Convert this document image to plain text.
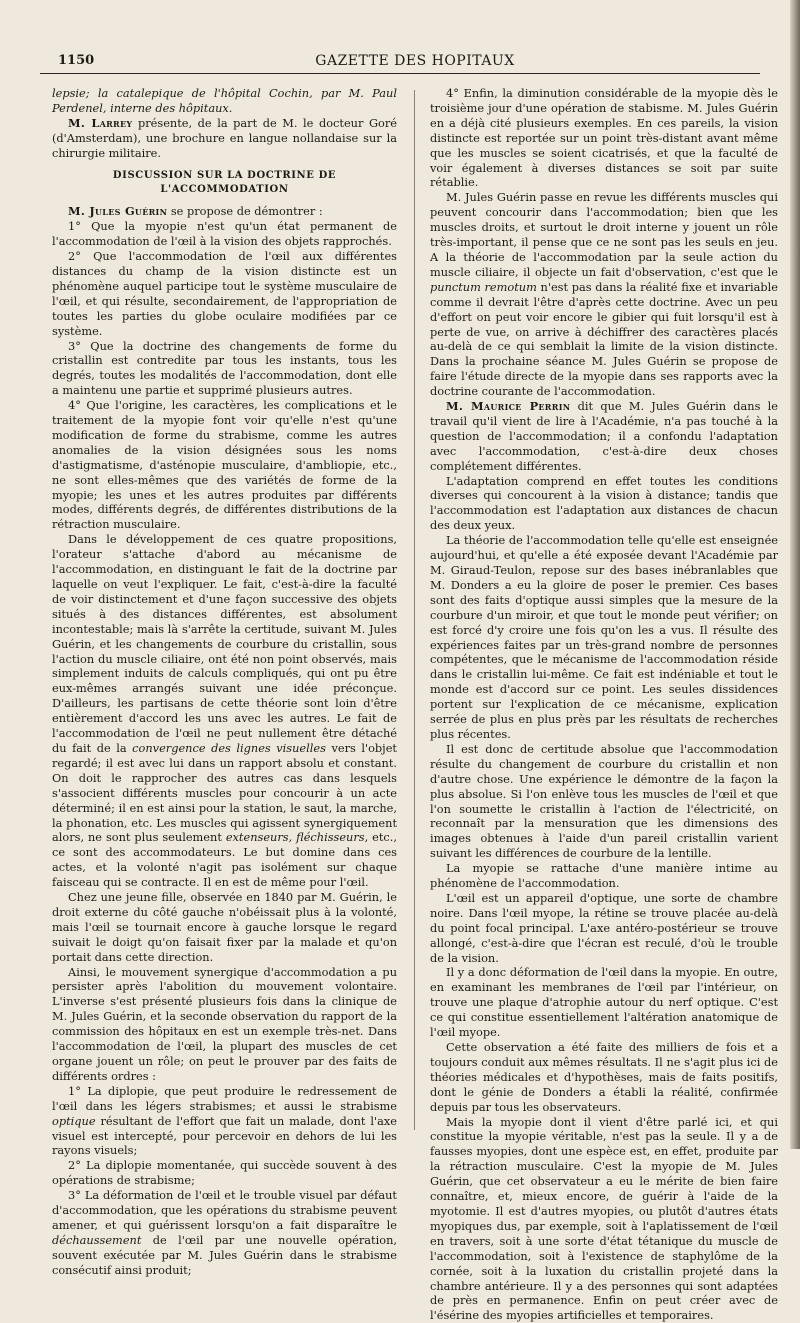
1150	GAZETTE DES HOPITAUX

lepsie; la catalepique de l'hôpital Cochin, par M. Paul Perdenel, interne des hôpitaux.

M. Larrey présente, de la part de M. le docteur Goré (d'Amsterdam), une brochure en langue nollandaise sur la chirurgie militaire.

DISCUSSION SUR LA DOCTRINE DE L'ACCOMMODATION

M. Jules Guérin se propose de démontrer :

1° Que la myopie n'est qu'un état permanent de l'accommodation de l'œil à la vision des objets rapprochés.

2° Que l'accommodation de l'œil aux différentes distances du champ de la vision distincte est un phénomène auquel participe tout le système musculaire de l'œil, et qui résulte, secondairement, de l'appropriation de toutes les parties du globe oculaire modifiées par ce système.

3° Que la doctrine des changements de forme du cristallin est contredite par tous les instants, tous les degrés, toutes les modalités de l'accommodation, dont elle a maintenu une partie et supprimé plusieurs autres.

4° Que l'origine, les caractères, les complications et le traitement de la myopie font voir qu'elle n'est qu'une modification de forme du strabisme, comme les autres anomalies de la vision désignées sous les noms d'astigmatisme, d'asténopie musculaire, d'ambliopie, etc., ne sont elles-mêmes que des variétés de forme de la myopie; les unes et les autres produites par différents modes, différents degrés, de différentes distributions de la rétraction musculaire.

Dans le développement de ces quatre propositions, l'orateur s'attache d'abord au mécanisme de l'accommodation, en distinguant le fait de la doctrine par laquelle on veut l'expliquer. Le fait, c'est-à-dire la faculté de voir distinctement et d'une façon successive des objets situés à des distances différentes, est absolument incontestable; mais là s'arrête la certitude, suivant M. Jules Guérin, et les changements de courbure du cristallin, sous l'action du muscle ciliaire, ont été non point observés, mais simplement induits de calculs compliqués, qui ont pu être eux-mêmes arrangés suivant une idée préconçue. D'ailleurs, les partisans de cette théorie sont loin d'être entièrement d'accord les uns avec les autres. Le fait de l'accommodation de l'œil ne peut nullement être détaché du fait de la convergence des lignes visuelles vers l'objet regardé; il est avec lui dans un rapport absolu et constant. On doit le rapprocher des autres cas dans lesquels s'associent différents muscles pour concourir à un acte déterminé; il en est ainsi pour la station, le saut, la marche, la phonation, etc. Les muscles qui agissent synergiquement alors, ne sont plus seulement extenseurs, fléchisseurs, etc., ce sont des accommodateurs. Le but domine dans ces actes, et la volonté n'agit pas isolément sur chaque faisceau qui se contracte. Il en est de même pour l'œil.

Chez une jeune fille, observée en 1840 par M. Guérin, le droit externe du côté gauche n'obéissait plus à la volonté, mais l'œil se tournait encore à gauche lorsque le regard suivait le doigt qu'on faisait fixer par la malade et qu'on portait dans cette direction.

Ainsi, le mouvement synergique d'accommodation a pu persister après l'abolition du mouvement volontaire. L'inverse s'est présenté plusieurs fois dans la clinique de M. Jules Guérin, et la seconde observation du rapport de la commission des hôpitaux en est un exemple très-net. Dans l'accommodation de l'œil, la plupart des muscles de cet organe jouent un rôle; on peut le prouver par des faits de différents ordres :

1° La diplopie, que peut produire le redressement de l'œil dans les légers strabismes; et aussi le strabisme optique résultant de l'effort que fait un malade, dont l'axe visuel est intercepté, pour percevoir en dehors de lui les rayons visuels;

2° La diplopie momentanée, qui succède souvent à des opérations de strabisme;

3° La déformation de l'œil et le trouble visuel par défaut d'accommodation, que les opérations du strabisme peuvent amener, et qui guérissent lorsqu'on a fait disparaître le déchaussement de l'œil par une nouvelle opération, souvent exécutée par M. Jules Guérin dans le strabisme consécutif ainsi produit;

4° Enfin, la diminution considérable de la myopie dès le troisième jour d'une opération de stabisme. M. Jules Guérin en a déjà cité plusieurs exemples. En ces pareils, la vision distincte est reportée sur un point très-distant avant même que les muscles se soient cicatrisés, et que la faculté de voir également à diverses distances se soit par suite rétablie.

M. Jules Guérin passe en revue les différents muscles qui peuvent concourir dans l'accommodation; bien que les muscles droits, et surtout le droit interne y jouent un rôle très-important, il pense que ce ne sont pas les seuls en jeu. A la théorie de l'accommodation par la seule action du muscle ciliaire, il objecte un fait d'observation, c'est que le punctum remotum n'est pas dans la réalité fixe et invariable comme il devrait l'être d'après cette doctrine. Avec un peu d'effort on peut voir encore le gibier qui fuit lorsqu'il est à perte de vue, on arrive à déchiffrer des caractères placés au-delà de ce qui semblait la limite de la vision distincte. Dans la prochaine séance M. Jules Guérin se propose de faire l'étude directe de la myopie dans ses rapports avec la doctrine courante de l'accommodation.

M. Maurice Perrin dit que M. Jules Guérin dans le travail qu'il vient de lire à l'Académie, n'a pas touché à la question de l'accommodation; il a confondu l'adaptation avec l'accommodation, c'est-à-dire deux choses complétement différentes.

L'adaptation comprend en effet toutes les conditions diverses qui concourent à la vision à distance; tandis que l'accommodation est l'adaptation aux distances de chacun des deux yeux.

La théorie de l'accommodation telle qu'elle est enseignée aujourd'hui, et qu'elle a été exposée devant l'Académie par M. Giraud-Teulon, repose sur des bases inébranlables que M. Donders a eu la gloire de poser le premier. Ces bases sont des faits d'optique aussi simples que la mesure de la courbure d'un miroir, et que tout le monde peut vérifier; on est forcé d'y croire une fois qu'on les a vus. Il résulte des expériences faites par un très-grand nombre de personnes compétentes, que le mécanisme de l'accommodation réside dans le cristallin lui-même. Ce fait est indéniable et tout le monde est d'accord sur ce point. Les seules dissidences portent sur l'explication de ce mécanisme, explication serrée de plus en plus près par les résultats de recherches plus récentes.

Il est donc de certitude absolue que l'accommodation résulte du changement de courbure du cristallin et non d'autre chose. Une expérience le démontre de la façon la plus absolue. Si l'on enlève tous les muscles de l'œil et que l'on soumette le cristallin à l'action de l'électricité, on reconnaît par la mensuration que les dimensions des images obtenues à l'aide d'un pareil cristallin varient suivant les différences de courbure de la lentille.

La myopie se rattache d'une manière intime au phénomène de l'accommodation.

L'œil est un appareil d'optique, une sorte de chambre noire. Dans l'œil myope, la rétine se trouve placée au-delà du point focal principal. L'axe antéro-postérieur se trouve allongé, c'est-à-dire que l'écran est reculé, d'où le trouble de la vision.

Il y a donc déformation de l'œil dans la myopie. En outre, en examinant les membranes de l'œil par l'intérieur, on trouve une plaque d'atrophie autour du nerf optique. C'est ce qui constitue essentiellement l'altération anatomique de l'œil myope.

Cette observation a été faite des milliers de fois et a toujours conduit aux mêmes résultats. Il ne s'agit plus ici de théories médicales et d'hypothèses, mais de faits positifs, dont le génie de Donders a établi la réalité, confirmée depuis par tous les observateurs.

Mais la myopie dont il vient d'être parlé ici, et qui constitue la myopie véritable, n'est pas la seule. Il y a de fausses myopies, dont une espèce est, en effet, produite par la rétraction musculaire. C'est la myopie de M. Jules Guérin, que cet observateur a eu le mérite de bien faire connaître, et, mieux encore, de guérir à l'aide de la myotomie. Il est d'autres myopies, ou plutôt d'autres états myopiques dus, par exemple, soit à l'aplatissement de l'œil en travers, soit à une sorte d'état tétanique du muscle de l'accommodation, soit à l'existence de staphylôme de la cornée, soit à la luxation du cristallin projeté dans la chambre antérieure. Il y a des personnes qui sont adaptées de près en permanence. Enfin on peut créer avec de l'ésérine des myopies artificielles et temporaires.
